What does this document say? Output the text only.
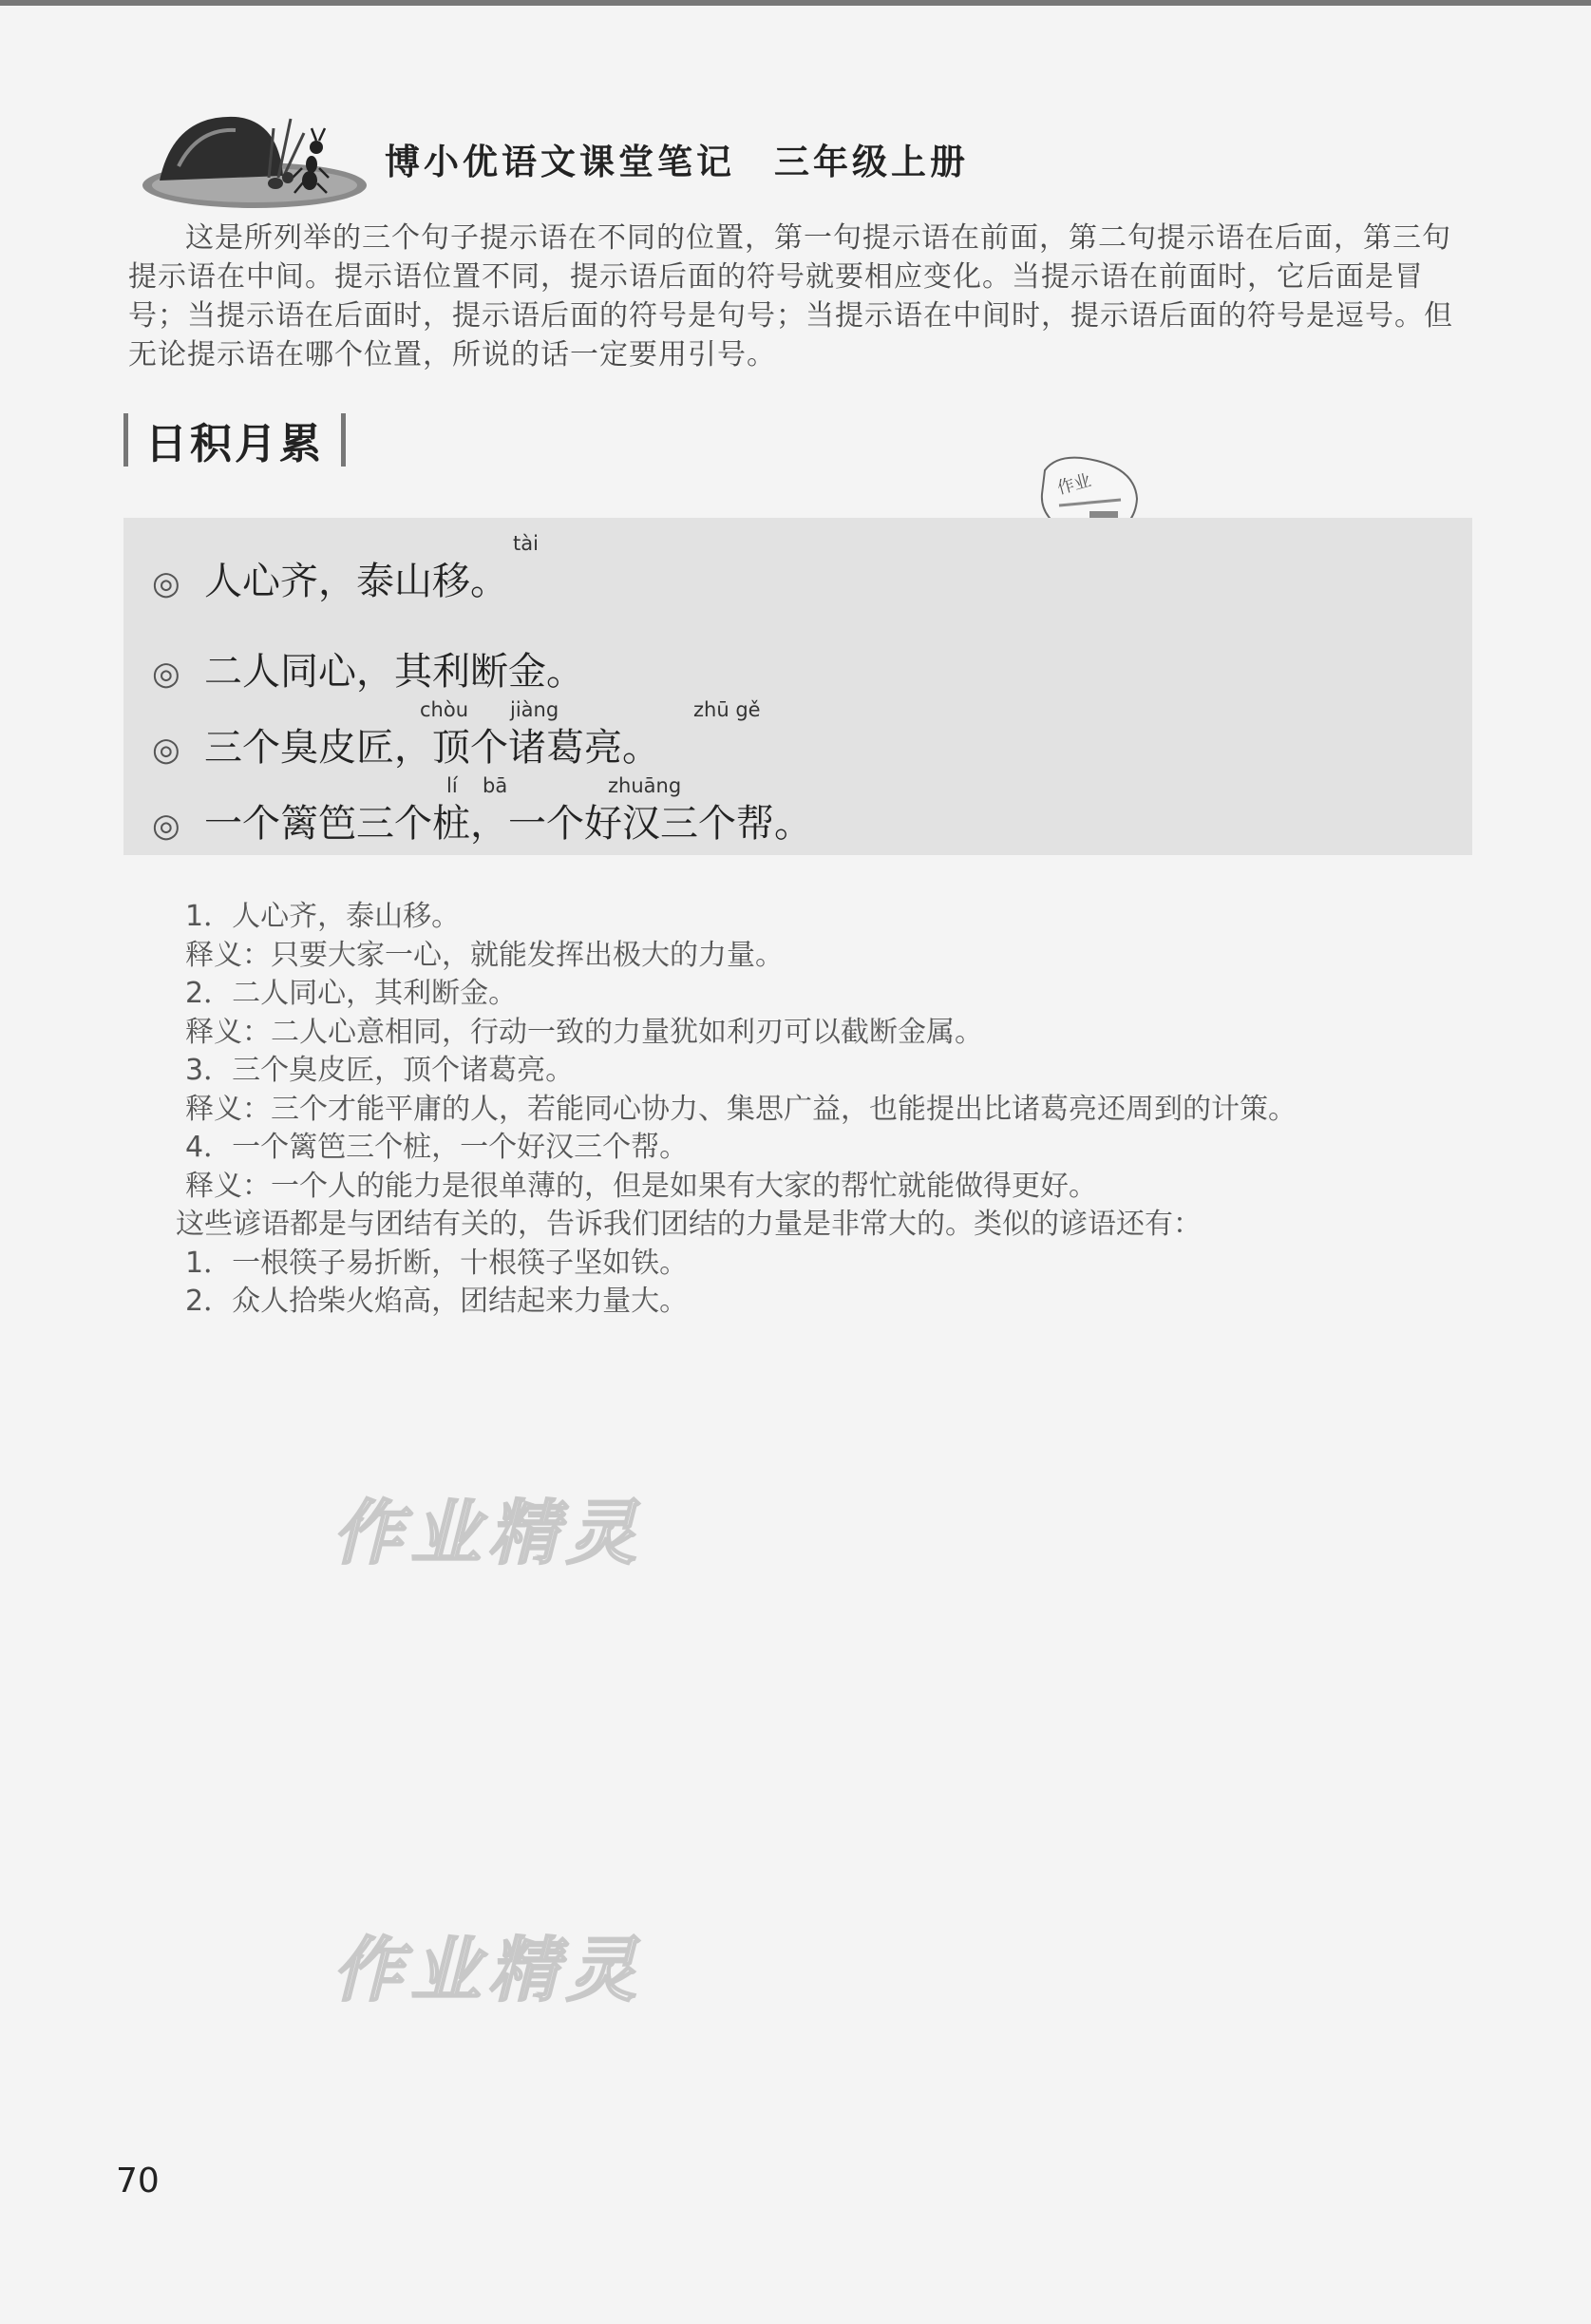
博小优语文课堂笔记　三年级上册

这是所列举的三个句子提示语在不同的位置，第一句提示语在前面，第二句提示语在后面，第三句提示语在中间。提示语位置不同，提示语后面的符号就要相应变化。当提示语在前面时，它后面是冒号；当提示语在后面时，提示语后面的符号是句号；当提示语在中间时，提示语后面的符号是逗号。但无论提示语在哪个位置，所说的话一定要用引号。

日积月累
作业
◎ 人心齐，泰山移。
tài
◎ 二人同心，其利断金。
◎ 三个臭皮匠，顶个诸葛亮。
chòu jiàng	zhū gě
◎ 一个篱笆三个桩，一个好汉三个帮。
lí bā	zhuāng
1．人心齐，泰山移。
释义：只要大家一心，就能发挥出极大的力量。
2．二人同心，其利断金。
释义：二人心意相同，行动一致的力量犹如利刃可以截断金属。
3．三个臭皮匠，顶个诸葛亮。
释义：三个才能平庸的人，若能同心协力、集思广益，也能提出比诸葛亮还周到的计策。
4．一个篱笆三个桩，一个好汉三个帮。
释义：一个人的能力是很单薄的，但是如果有大家的帮忙就能做得更好。
这些谚语都是与团结有关的，告诉我们团结的力量是非常大的。类似的谚语还有：
1．一根筷子易折断，十根筷子坚如铁。
2．众人拾柴火焰高，团结起来力量大。
作业精灵
作业精灵
70
